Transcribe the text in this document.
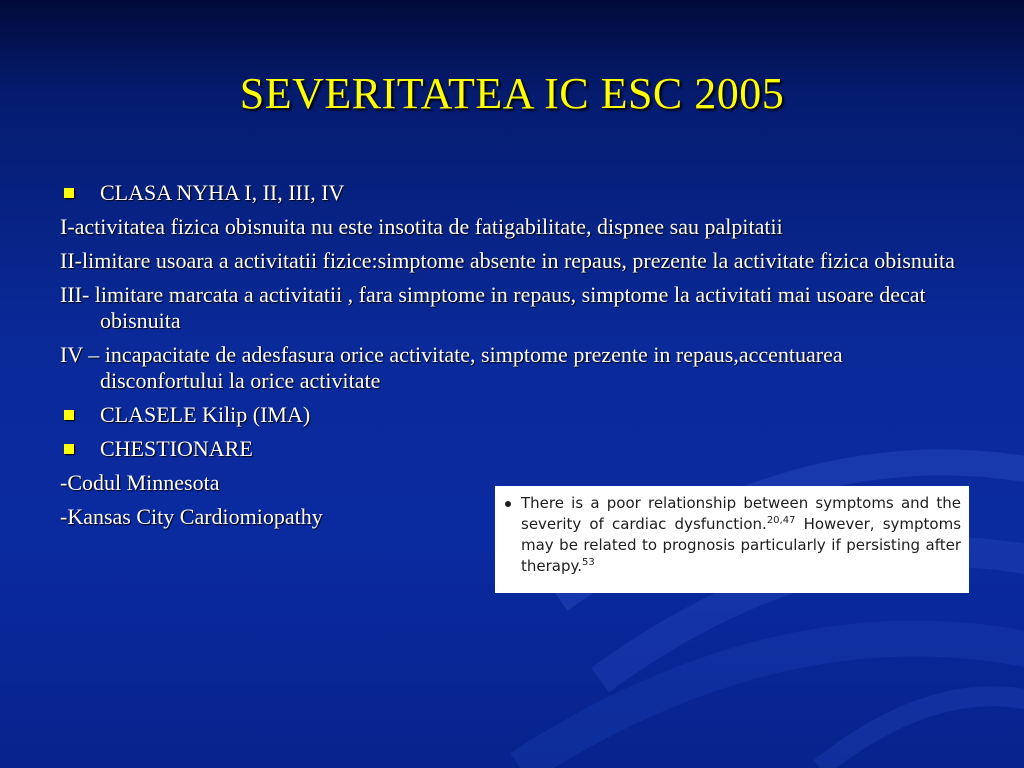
SEVERITATEA IC ESC 2005
CLASA NYHA I, II, III, IV
I-activitatea fizica obisnuita nu este insotita de fatigabilitate, dispnee sau palpitatii
II-limitare usoara a activitatii fizice:simptome absente in repaus, prezente la activitate fizica obisnuita
III- limitare marcata a activitatii , fara simptome in repaus, simptome la activitati mai usoare decat obisnuita
IV – incapacitate de adesfasura orice activitate, simptome prezente in repaus,accentuarea disconfortului la orice activitate
CLASELE Kilip (IMA)
CHESTIONARE
-Codul Minnesota
-Kansas City Cardiomiopathy
There is a poor relationship between symptoms and the severity of cardiac dysfunction.$^{20,47}$ However, symptoms may be related to prognosis particularly if persisting after therapy.$^{53}$
